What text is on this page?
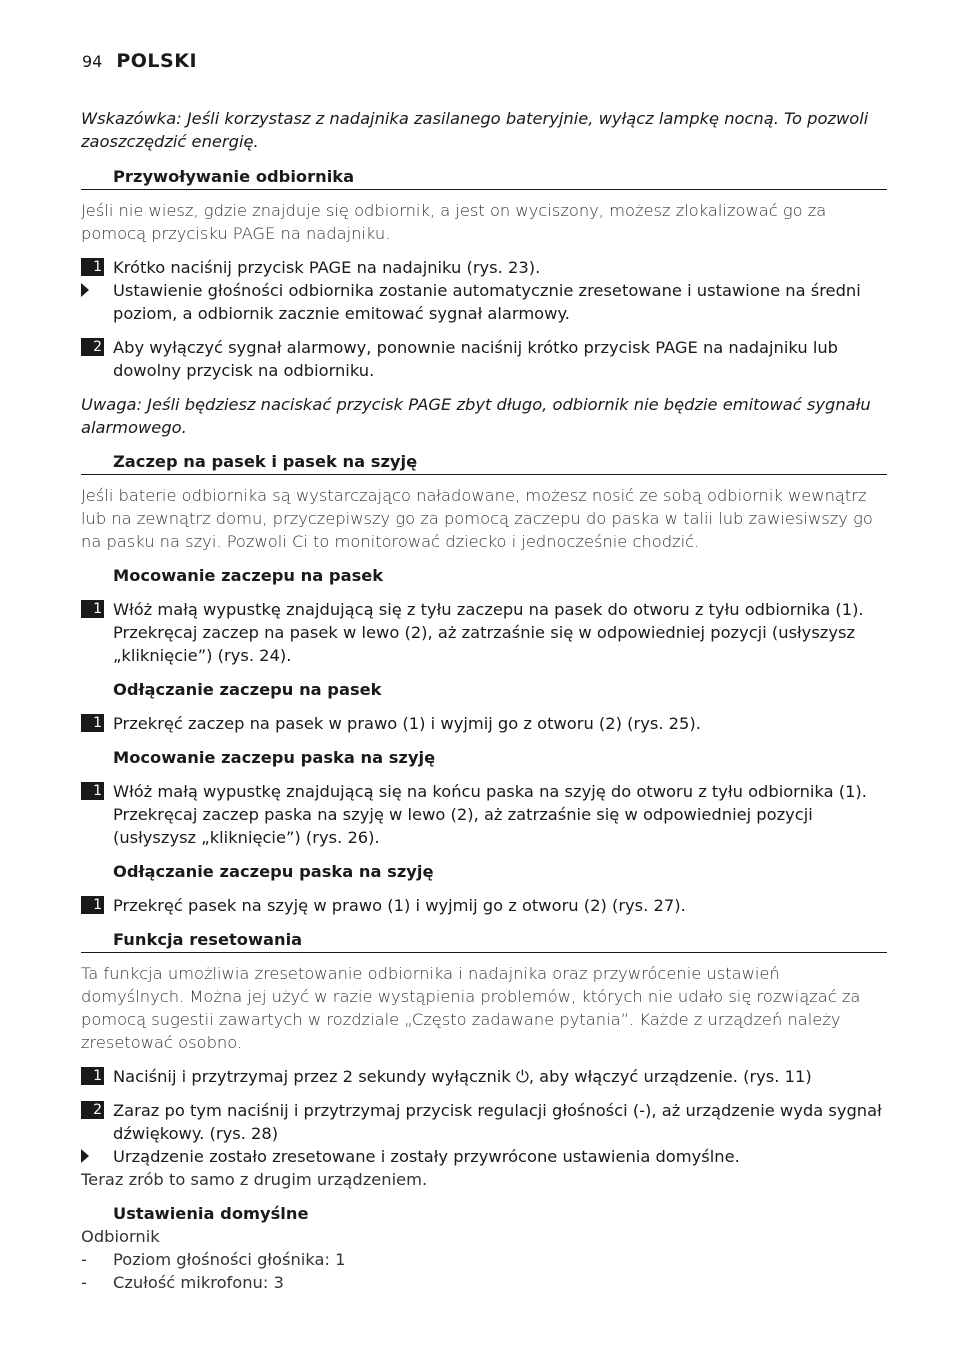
94 POLSKI

Wskazówka: Jeśli korzystasz z nadajnika zasilanego bateryjnie, wyłącz lampkę nocną. To pozwoli zaoszczędzić energię.

Przywoływanie odbiornika

Jeśli nie wiesz, gdzie znajduje się odbiornik, a jest on wyciszony, możesz zlokalizować go za pomocą przycisku PAGE na nadajniku.

1 Krótko naciśnij przycisk PAGE na nadajniku (rys. 23).
Ustawienie głośności odbiornika zostanie automatycznie zresetowane i ustawione na średni poziom, a odbiornik zacznie emitować sygnał alarmowy.
2 Aby wyłączyć sygnał alarmowy, ponownie naciśnij krótko przycisk PAGE na nadajniku lub dowolny przycisk na odbiorniku.

Uwaga: Jeśli będziesz naciskać przycisk PAGE zbyt długo, odbiornik nie będzie emitować sygnału alarmowego.

Zaczep na pasek i pasek na szyję

Jeśli baterie odbiornika są wystarczająco naładowane, możesz nosić ze sobą odbiornik wewnątrz lub na zewnątrz domu, przyczepiwszy go za pomocą zaczepu do paska w talii lub zawiesiwszy go na pasku na szyi. Pozwoli Ci to monitorować dziecko i jednocześnie chodzić.

Mocowanie zaczepu na pasek
1 Włóż małą wypustkę znajdującą się z tyłu zaczepu na pasek do otworu z tyłu odbiornika (1). Przekręcaj zaczep na pasek w lewo (2), aż zatrzaśnie się w odpowiedniej pozycji (usłyszysz „kliknięcie”) (rys. 24).
Odłączanie zaczepu na pasek
1 Przekręć zaczep na pasek w prawo (1) i wyjmij go z otworu (2) (rys. 25).
Mocowanie zaczepu paska na szyję
1 Włóż małą wypustkę znajdującą się na końcu paska na szyję do otworu z tyłu odbiornika (1). Przekręcaj zaczep paska na szyję w lewo (2), aż zatrzaśnie się w odpowiedniej pozycji (usłyszysz „kliknięcie”) (rys. 26).
Odłączanie zaczepu paska na szyję
1 Przekręć pasek na szyję w prawo (1) i wyjmij go z otworu (2) (rys. 27).
Funkcja resetowania

Ta funkcja umożliwia zresetowanie odbiornika i nadajnika oraz przywrócenie ustawień domyślnych. Można jej użyć w razie wystąpienia problemów, których nie udało się rozwiązać za pomocą sugestii zawartych w rozdziale „Często zadawane pytania”. Każde z urządzeń należy zresetować osobno.

1 Naciśnij i przytrzymaj przez 2 sekundy wyłącznik ⏻, aby włączyć urządzenie. (rys. 11)
2 Zaraz po tym naciśnij i przytrzymaj przycisk regulacji głośności (-), aż urządzenie wyda sygnał dźwiękowy. (rys. 28)
Urządzenie zostało zresetowane i zostały przywrócone ustawienia domyślne.

Teraz zrób to samo z drugim urządzeniem.

Ustawienia domyślne

Odbiornik

- Poziom głośności głośnika: 1
- Czułość mikrofonu: 3
